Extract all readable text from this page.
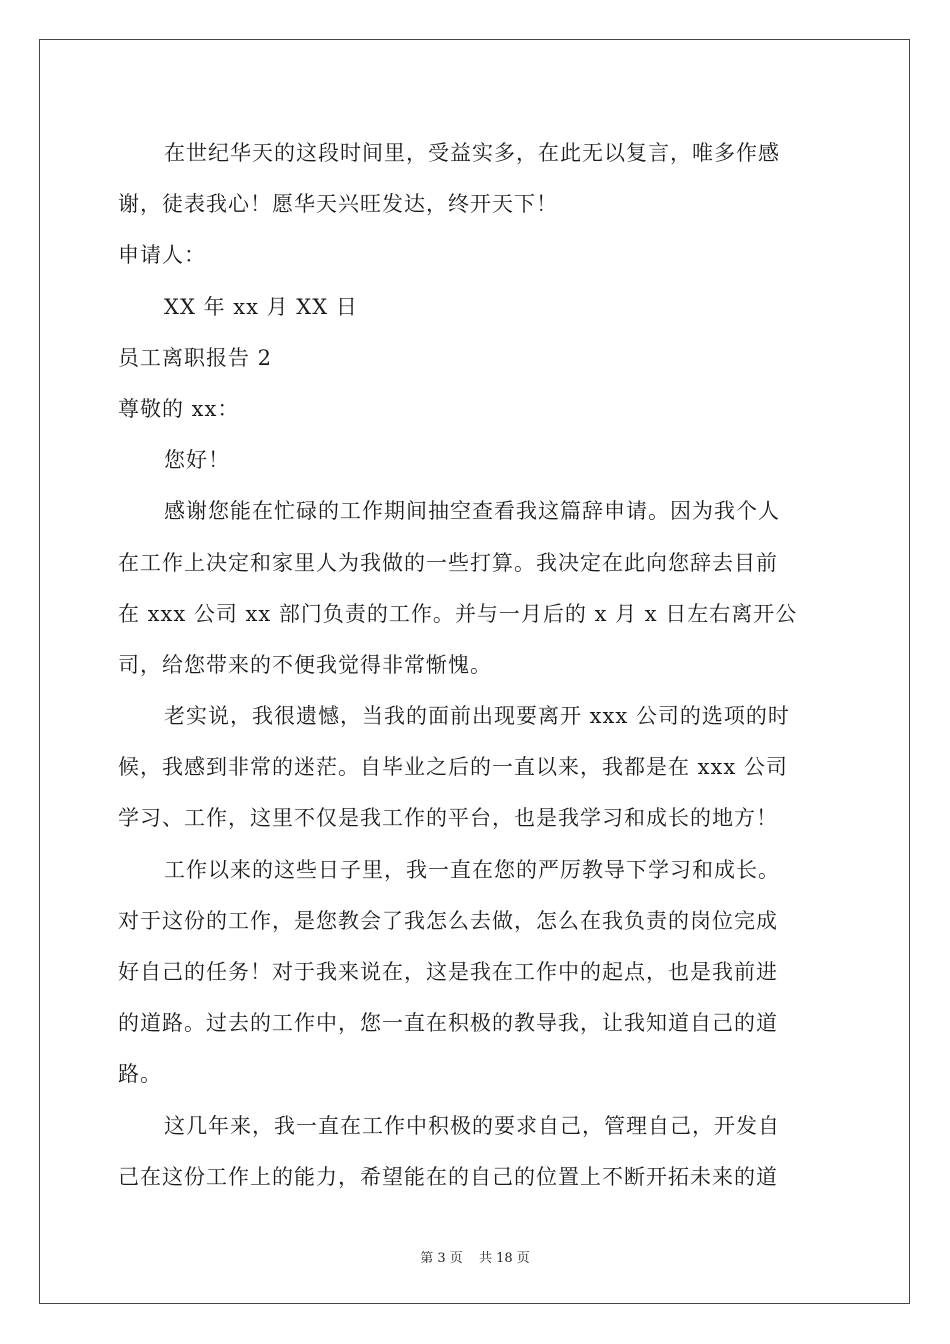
在世纪华天的这段时间里，受益实多，在此无以复言，唯多作感
谢，徒表我心！愿华天兴旺发达，终开天下！
申请人：
XX 年 xx 月 XX 日
员工离职报告 2
尊敬的 xx：
您好！
感谢您能在忙碌的工作期间抽空查看我这篇辞申请。因为我个人
在工作上决定和家里人为我做的一些打算。我决定在此向您辞去目前
在 xxx 公司 xx 部门负责的工作。并与一月后的 x 月 x 日左右离开公
司，给您带来的不便我觉得非常惭愧。
老实说，我很遗憾，当我的面前出现要离开 xxx 公司的选项的时
候，我感到非常的迷茫。自毕业之后的一直以来，我都是在 xxx 公司
学习、工作，这里不仅是我工作的平台，也是我学习和成长的地方！
工作以来的这些日子里，我一直在您的严厉教导下学习和成长。
对于这份的工作，是您教会了我怎么去做，怎么在我负责的岗位完成
好自己的任务！对于我来说在，这是我在工作中的起点，也是我前进
的道路。过去的工作中，您一直在积极的教导我，让我知道自己的道
路。
这几年来，我一直在工作中积极的要求自己，管理自己，开发自
己在这份工作上的能力，希望能在的自己的位置上不断开拓未来的道
第 3 页 共 18 页
